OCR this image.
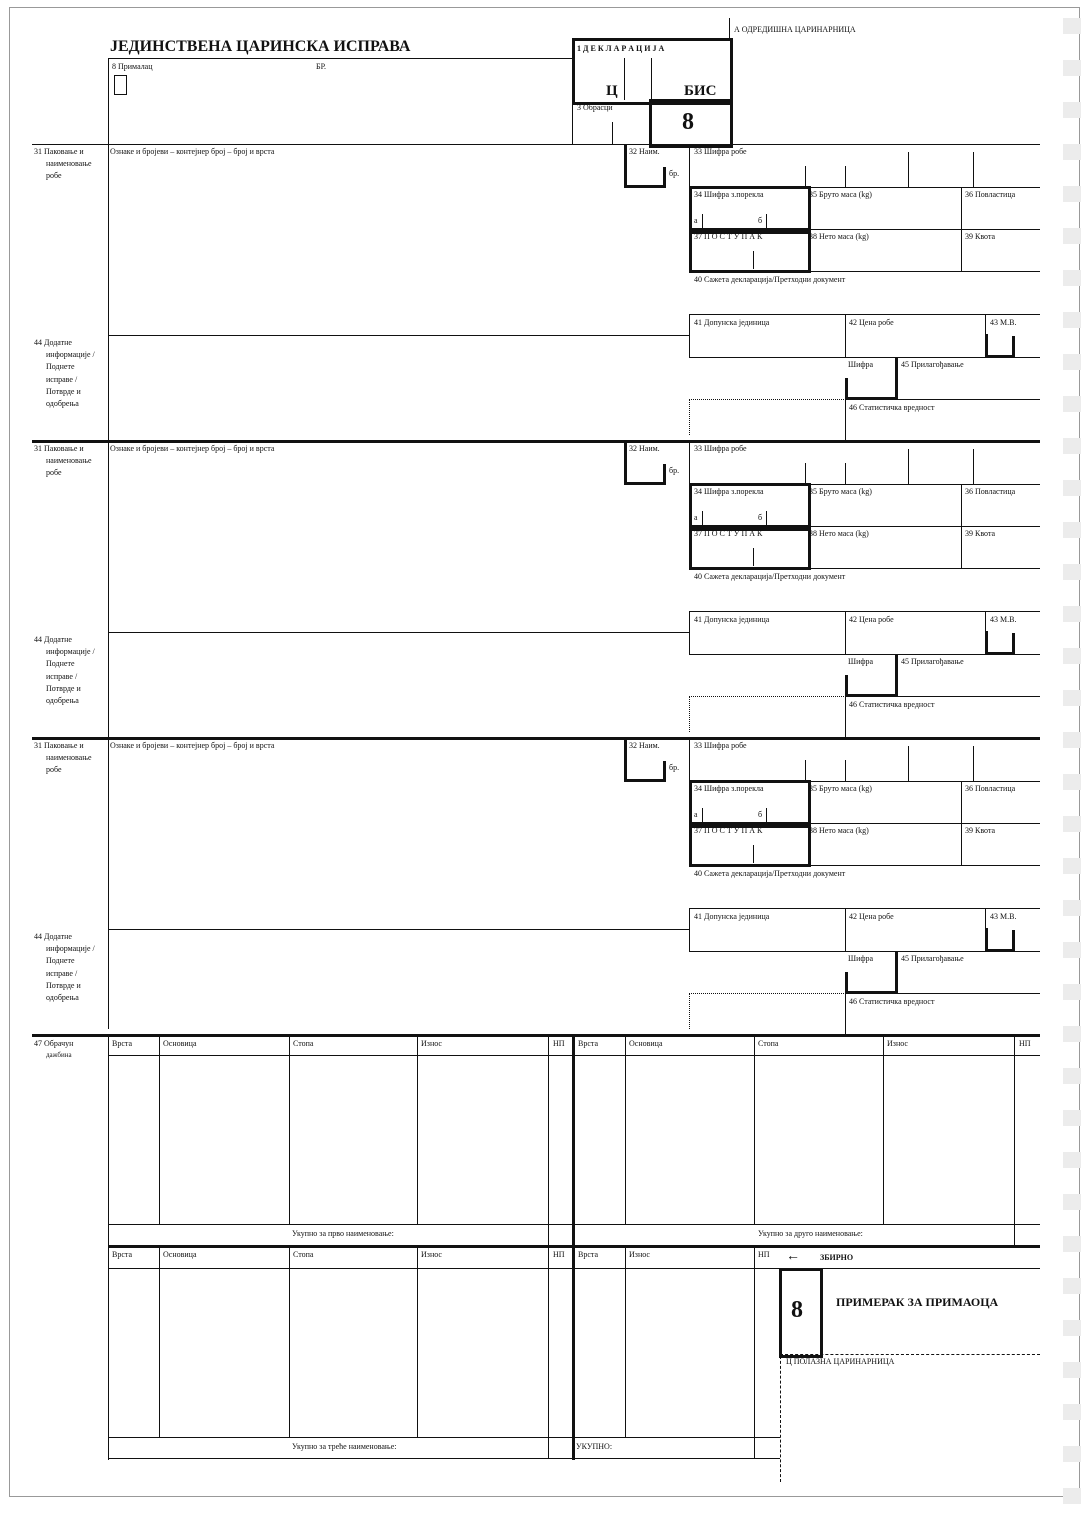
ЈЕДИНСТВЕНА ЦАРИНСКА ИСПРАВА
А ОДРЕДИШНА ЦАРИНАРНИЦА
8 Прималац	БР.
1 Д Е К Л А Р А Ц И Ј А
Ц	БИС
3 Обрасци
8
31 Паковање и
наименовање
робе
Ознаке и бројеви – контејнер број – број и врста	32 Наим.
бр.
33 Шифра робе
34 Шифра з.порекла
а	б
35 Бруто маса (kg)	36 Повластица
37 П О С Т У П А К	38 Нето маса (kg)	39 Квота
40 Сажета декларација/Претходни документ
41 Допунска јединица	42 Цена робе	43 М.В.
44 Додатне
информације /
Поднете
исправе /
Потврде и
одобрења
Шифра	45 Прилагођавање
46 Статистичка вредност
31 Паковање и
наименовање
робе
Ознаке и бројеви – контејнер број – број и врста	32 Наим.
бр.
33 Шифра робе
34 Шифра з.порекла
а	б
35 Бруто маса (kg)	36 Повластица
37 П О С Т У П А К	38 Нето маса (kg)	39 Квота
40 Сажета декларација/Претходни документ
41 Допунска јединица	42 Цена робе	43 М.В.
44 Додатне
информације /
Поднете
исправе /
Потврде и
одобрења
Шифра	45 Прилагођавање
46 Статистичка вредност
31 Паковање и
наименовање
робе
Ознаке и бројеви – контејнер број – број и врста	32 Наим.
бр.
33 Шифра робе
34 Шифра з.порекла
а	б
35 Бруто маса (kg)	36 Повластица
37 П О С Т У П А К	38 Нето маса (kg)	39 Квота
40 Сажета декларација/Претходни документ
41 Допунска јединица	42 Цена робе	43 М.В.
44 Додатне
информације /
Поднете
исправе /
Потврде и
одобрења
Шифра	45 Прилагођавање
46 Статистичка вредност
47 Обрачун
дажбина
Врста	Основица	Стопа	Износ	НП Врста	Основица	Стопа	Износ	НП
Укупно за прво наименовање:	Укупно за друго наименовање:
Врста	Основица	Стопа	Износ	НП Врста	Износ	НП ←	ЗБИРНО
Укупно за треће наименовање:	УКУПНО:
8	ПРИМЕРАК ЗА ПРИМАОЦА
Ц ПОЛАЗНА ЦАРИНАРНИЦА
